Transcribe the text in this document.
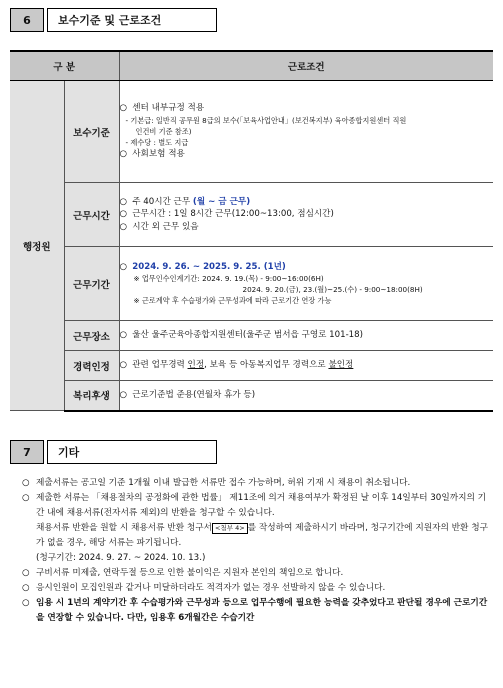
6	보수기준 및 근로조건
구 분		근로조건
행정원	보수기준	○ 센터 내부규정 적용
- 기본급: 일반직 공무원 8급의 보수(「보육사업안내」(보건복지부) 육아종합지원센터 직원
인건비 기준 참조)
- 제수당 : 별도 지급
○ 사회보험 적용

	근무시간	○ 주 40시간 근무 (월 ~ 금 근무)
○ 근무시간 : 1일 8시간 근무(12:00~13:00, 점심시간)
○ 시간 외 근무 있음

	근무기간	○ 2024. 9. 26. ~ 2025. 9. 25. (1년)
※ 업무인수인계기간: 2024. 9. 19.(목) - 9:00~16:00(6H)
2024. 9. 20.(금), 23.(월)~25.(수) - 9:00~18:00(8H)
※ 근로계약 후 수습평가와 근무성과에 따라 근로기간 연장 가능

	근무장소	○ 울산 울주군육아종합지원센터(울주군 범서읍 구영로 101-18)

	경력인정	○ 관련 업무경력 인정, 보육 등 아동복지업무 경력으로 불인정

	복리후생	○ 근로기준법 준용(연월차 휴가 등)
7	기타
○ 제출서류는 공고일 기준 1개월 이내 발급한 서류만 접수 가능하며, 허위 기재 시 채용이 취소됩니다.
○ 제출한 서류는 「채용절차의 공정화에 관한 법률」 제11조에 의거 채용여부가 확정된 날 이후 14일부터 30일까지의 기간 내에 채용서류(전자서류 제외)의 반환을 청구할 수 있습니다.
채용서류 반환을 원할 시 채용서류 반환 청구서 <첨부 4> 를 작성하여 제출하시기 바라며, 청구기간에 지원자의 반환 청구가 없을 경우, 해당 서류는 파기됩니다.
(청구기간: 2024. 9. 27. ~ 2024. 10. 13.)
○ 구비서류 미제출, 연락두절 등으로 인한 불이익은 지원자 본인의 책임으로 합니다.
○ 응시인원이 모집인원과 같거나 미달하더라도 적격자가 없는 경우 선발하지 않을 수 있습니다.
○ 임용 시 1년의 계약기간 후 수습평가와 근무성과 등으로 업무수행에 필요한 능력을 갖추었다고 판단될 경우에 근로기간을 연장할 수 있습니다. 다만, 임용후 6개월간은 수습기간
